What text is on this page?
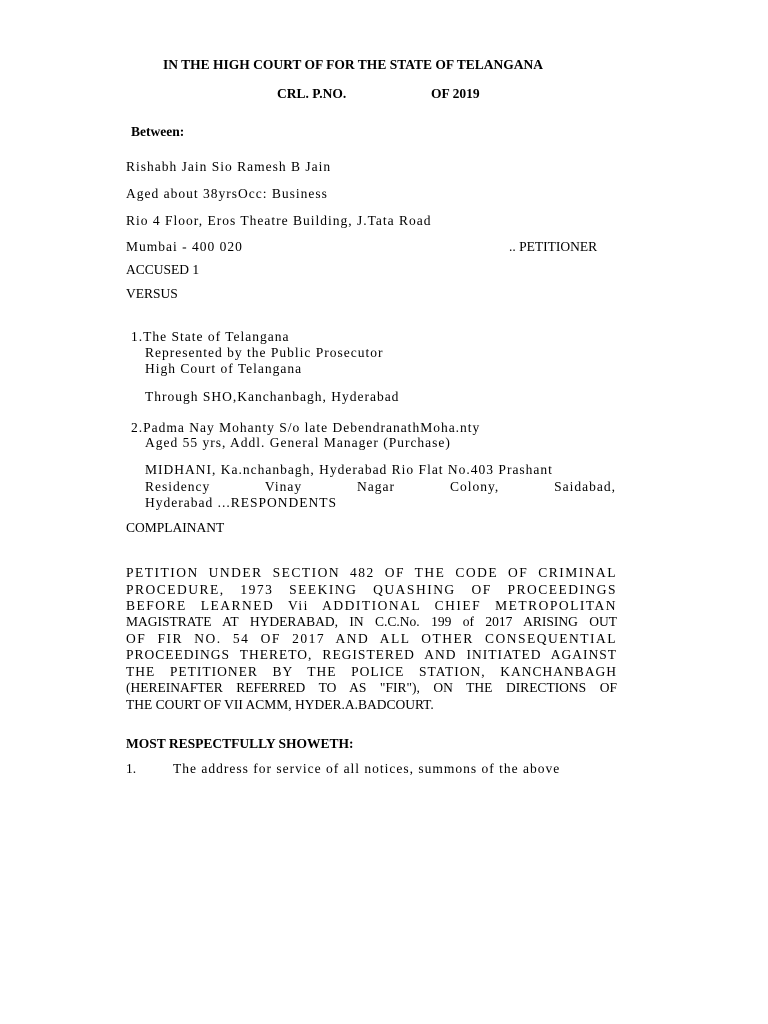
IN THE HIGH COURT OF FOR THE STATE OF TELANGANA
CRL. P.NO.	OF 2019
Between:
Rishabh Jain Sio Ramesh B Jain
Aged about 38yrsOcc: Business
Rio 4 Floor, Eros Theatre Building, J.Tata Road
Mumbai - 400 020	.. PETITIONER
ACCUSED 1
VERSUS
1.The State of Telangana
Represented by the Public Prosecutor
High Court of Telangana
Through SHO,Kanchanbagh, Hyderabad
2.Padma Nay Mohanty S/o late DebendranathMoha.nty
Aged 55 yrs, Addl. General Manager (Purchase)
MIDHANI, Ka.nchanbagh, Hyderabad Rio Flat No.403 Prashant
Residency Vinay Nagar Colony, Saidabad,
Hyderabad ...RESPONDENTS
COMPLAINANT
PETITION UNDER SECTION 482 OF THE CODE OF CRIMINAL
PROCEDURE, 1973 SEEKING QUASHING OF PROCEEDINGS
BEFORE LEARNED Vii ADDITIONAL CHIEF METROPOLITAN
MAGISTRATE AT HYDERABAD, IN C.C.No. 199 of 2017 ARISING OUT
OF FIR NO. 54 OF 2017 AND ALL OTHER CONSEQUENTIAL
PROCEEDINGS THERETO, REGISTERED AND INITIATED AGAINST
THE PETITIONER BY THE POLICE STATION, KANCHANBAGH
(HEREINAFTER REFERRED TO AS "FIR"), ON THE DIRECTIONS OF
THE COURT OF VII ACMM, HYDER.A.BADCOURT.
MOST RESPECTFULLY SHOWETH:
1.	The address for service of all notices, summons of the above
